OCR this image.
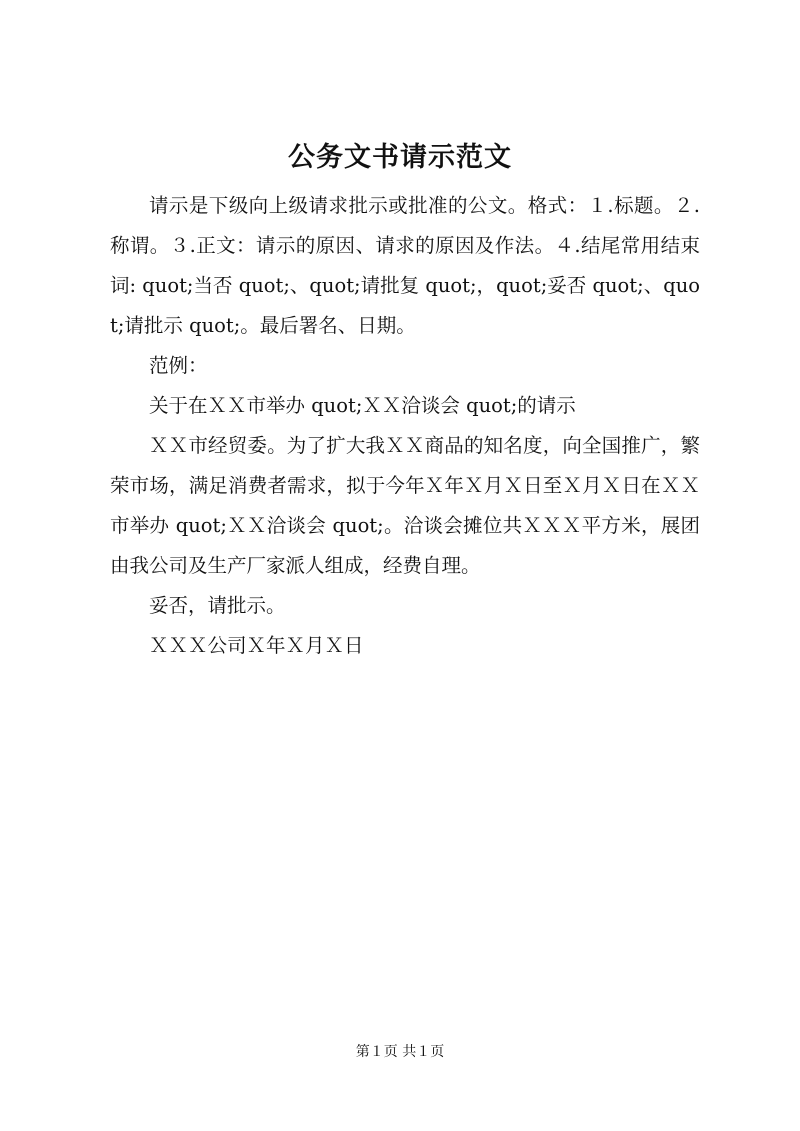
公务文书请示范文

请示是下级向上级请求批示或批准的公文。格式：１.标题。２.称谓。３.正文：请示的原因、请求的原因及作法。４.结尾常用结束词: quot;当否 quot;、quot;请批复 quot;，quot;妥否 quot;、quot;请批示 quot;。最后署名、日期。

范例：

关于在ＸＸ市举办 quot;ＸＸ洽谈会 quot;的请示

ＸＸ市经贸委。为了扩大我ＸＸ商品的知名度，向全国推广，繁荣市场，满足消费者需求，拟于今年Ｘ年Ｘ月Ｘ日至Ｘ月Ｘ日在ＸＸ市举办 quot;ＸＸ洽谈会 quot;。洽谈会摊位共ＸＸＸ平方米，展团由我公司及生产厂家派人组成，经费自理。

妥否，请批示。

ＸＸＸ公司Ｘ年Ｘ月Ｘ日

第１页 共１页
